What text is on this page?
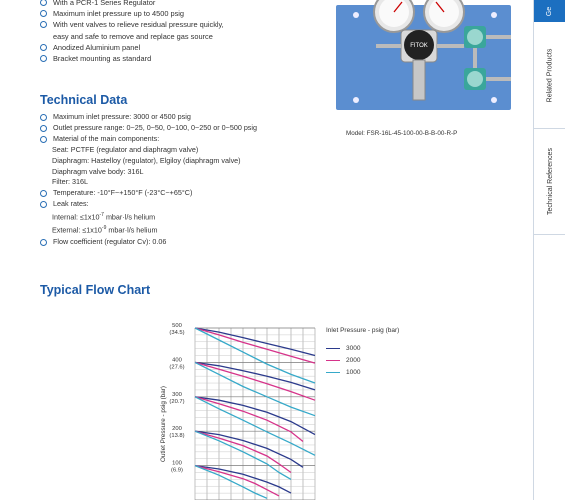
With a PCR-1 Series Regulator
Maximum inlet pressure up to 4500 psig
With vent valves to relieve residual pressure quickly,
easy and safe to remove and replace gas source
Anodized Aluminium panel
Bracket mounting as standard
Technical Data
Maximum inlet pressure: 3000 or 4500 psig
Outlet pressure range: 0~25, 0~50, 0~100, 0~250 or 0~500 psig
Material of the main components:
Seat: PCTFE (regulator and diaphragm valve)
Diaphragm: Hastelloy (regulator), Elgiloy (diaphragm valve)
Diaphragm valve body: 316L
Filter: 316L
Temperature: -10°F~+150°F (-23°C~+65°C)
Leak rates:
Internal: $\le 1x10^{-7}$ mbar·l/s helium
External: $\le 1x10^{-9}$ mbar·l/s helium
Flow coefficient (regulator Cv): 0.06
FITOK
Model: FSR-16L-45-100-00-B-B-00-R-P
Ge
Related Products
Technical References
Typical Flow Chart
100
(6.9)
200
(13.8)
300
(20.7)
400
(27.6)
500
(34.5)
Outlet Pressure - psig (bar)
Inlet Pressure - psig (bar)
3000
2000
1000
